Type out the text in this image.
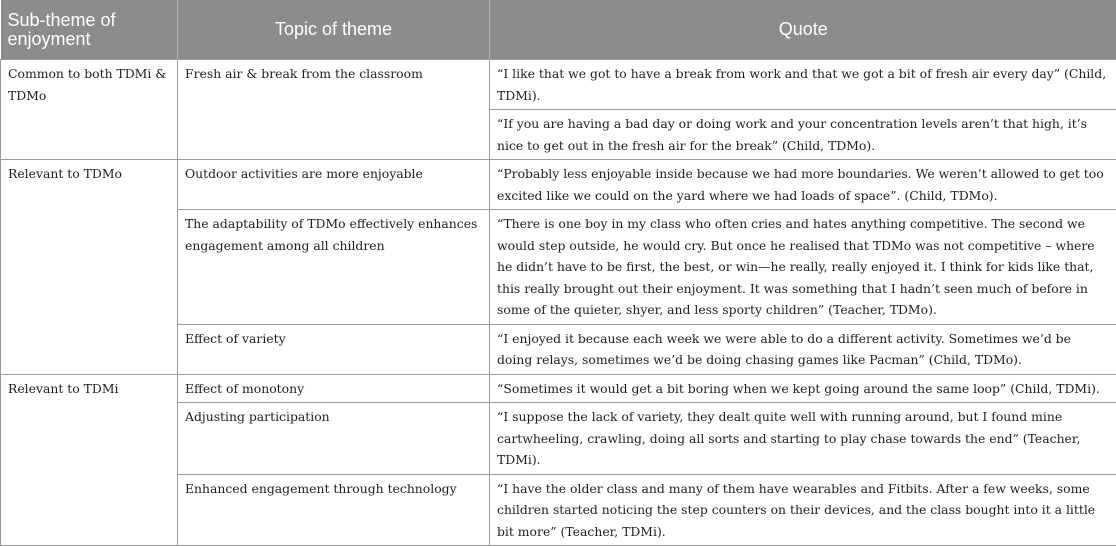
Sub-theme of enjoyment	Topic of theme	Quote
Common to both TDMi & TDMo	Fresh air & break from the classroom	“I like that we got to have a break from work and that we got a bit of fresh air every day” (Child, TDMi).
		“If you are having a bad day or doing work and your concentration levels aren’t that high, it’s nice to get out in the fresh air for the break” (Child, TDMo).
Relevant to TDMo	Outdoor activities are more enjoyable	“Probably less enjoyable inside because we had more boundaries. We weren’t allowed to get too excited like we could on the yard where we had loads of space”. (Child, TDMo).
	The adaptability of TDMo effectively enhances engagement among all children	“There is one boy in my class who often cries and hates anything competitive. The second we would step outside, he would cry. But once he realised that TDMo was not competitive – where he didn’t have to be first, the best, or win—he really, really enjoyed it. I think for kids like that, this really brought out their enjoyment. It was something that I hadn’t seen much of before in some of the quieter, shyer, and less sporty children” (Teacher, TDMo).
	Effect of variety	“I enjoyed it because each week we were able to do a different activity. Sometimes we’d be doing relays, sometimes we’d be doing chasing games like Pacman” (Child, TDMo).
Relevant to TDMi	Effect of monotony	“Sometimes it would get a bit boring when we kept going around the same loop” (Child, TDMi).
	Adjusting participation	“I suppose the lack of variety, they dealt quite well with running around, but I found mine cartwheeling, crawling, doing all sorts and starting to play chase towards the end” (Teacher, TDMi).
	Enhanced engagement through technology	“I have the older class and many of them have wearables and Fitbits. After a few weeks, some children started noticing the step counters on their devices, and the class bought into it a little bit more” (Teacher, TDMi).
